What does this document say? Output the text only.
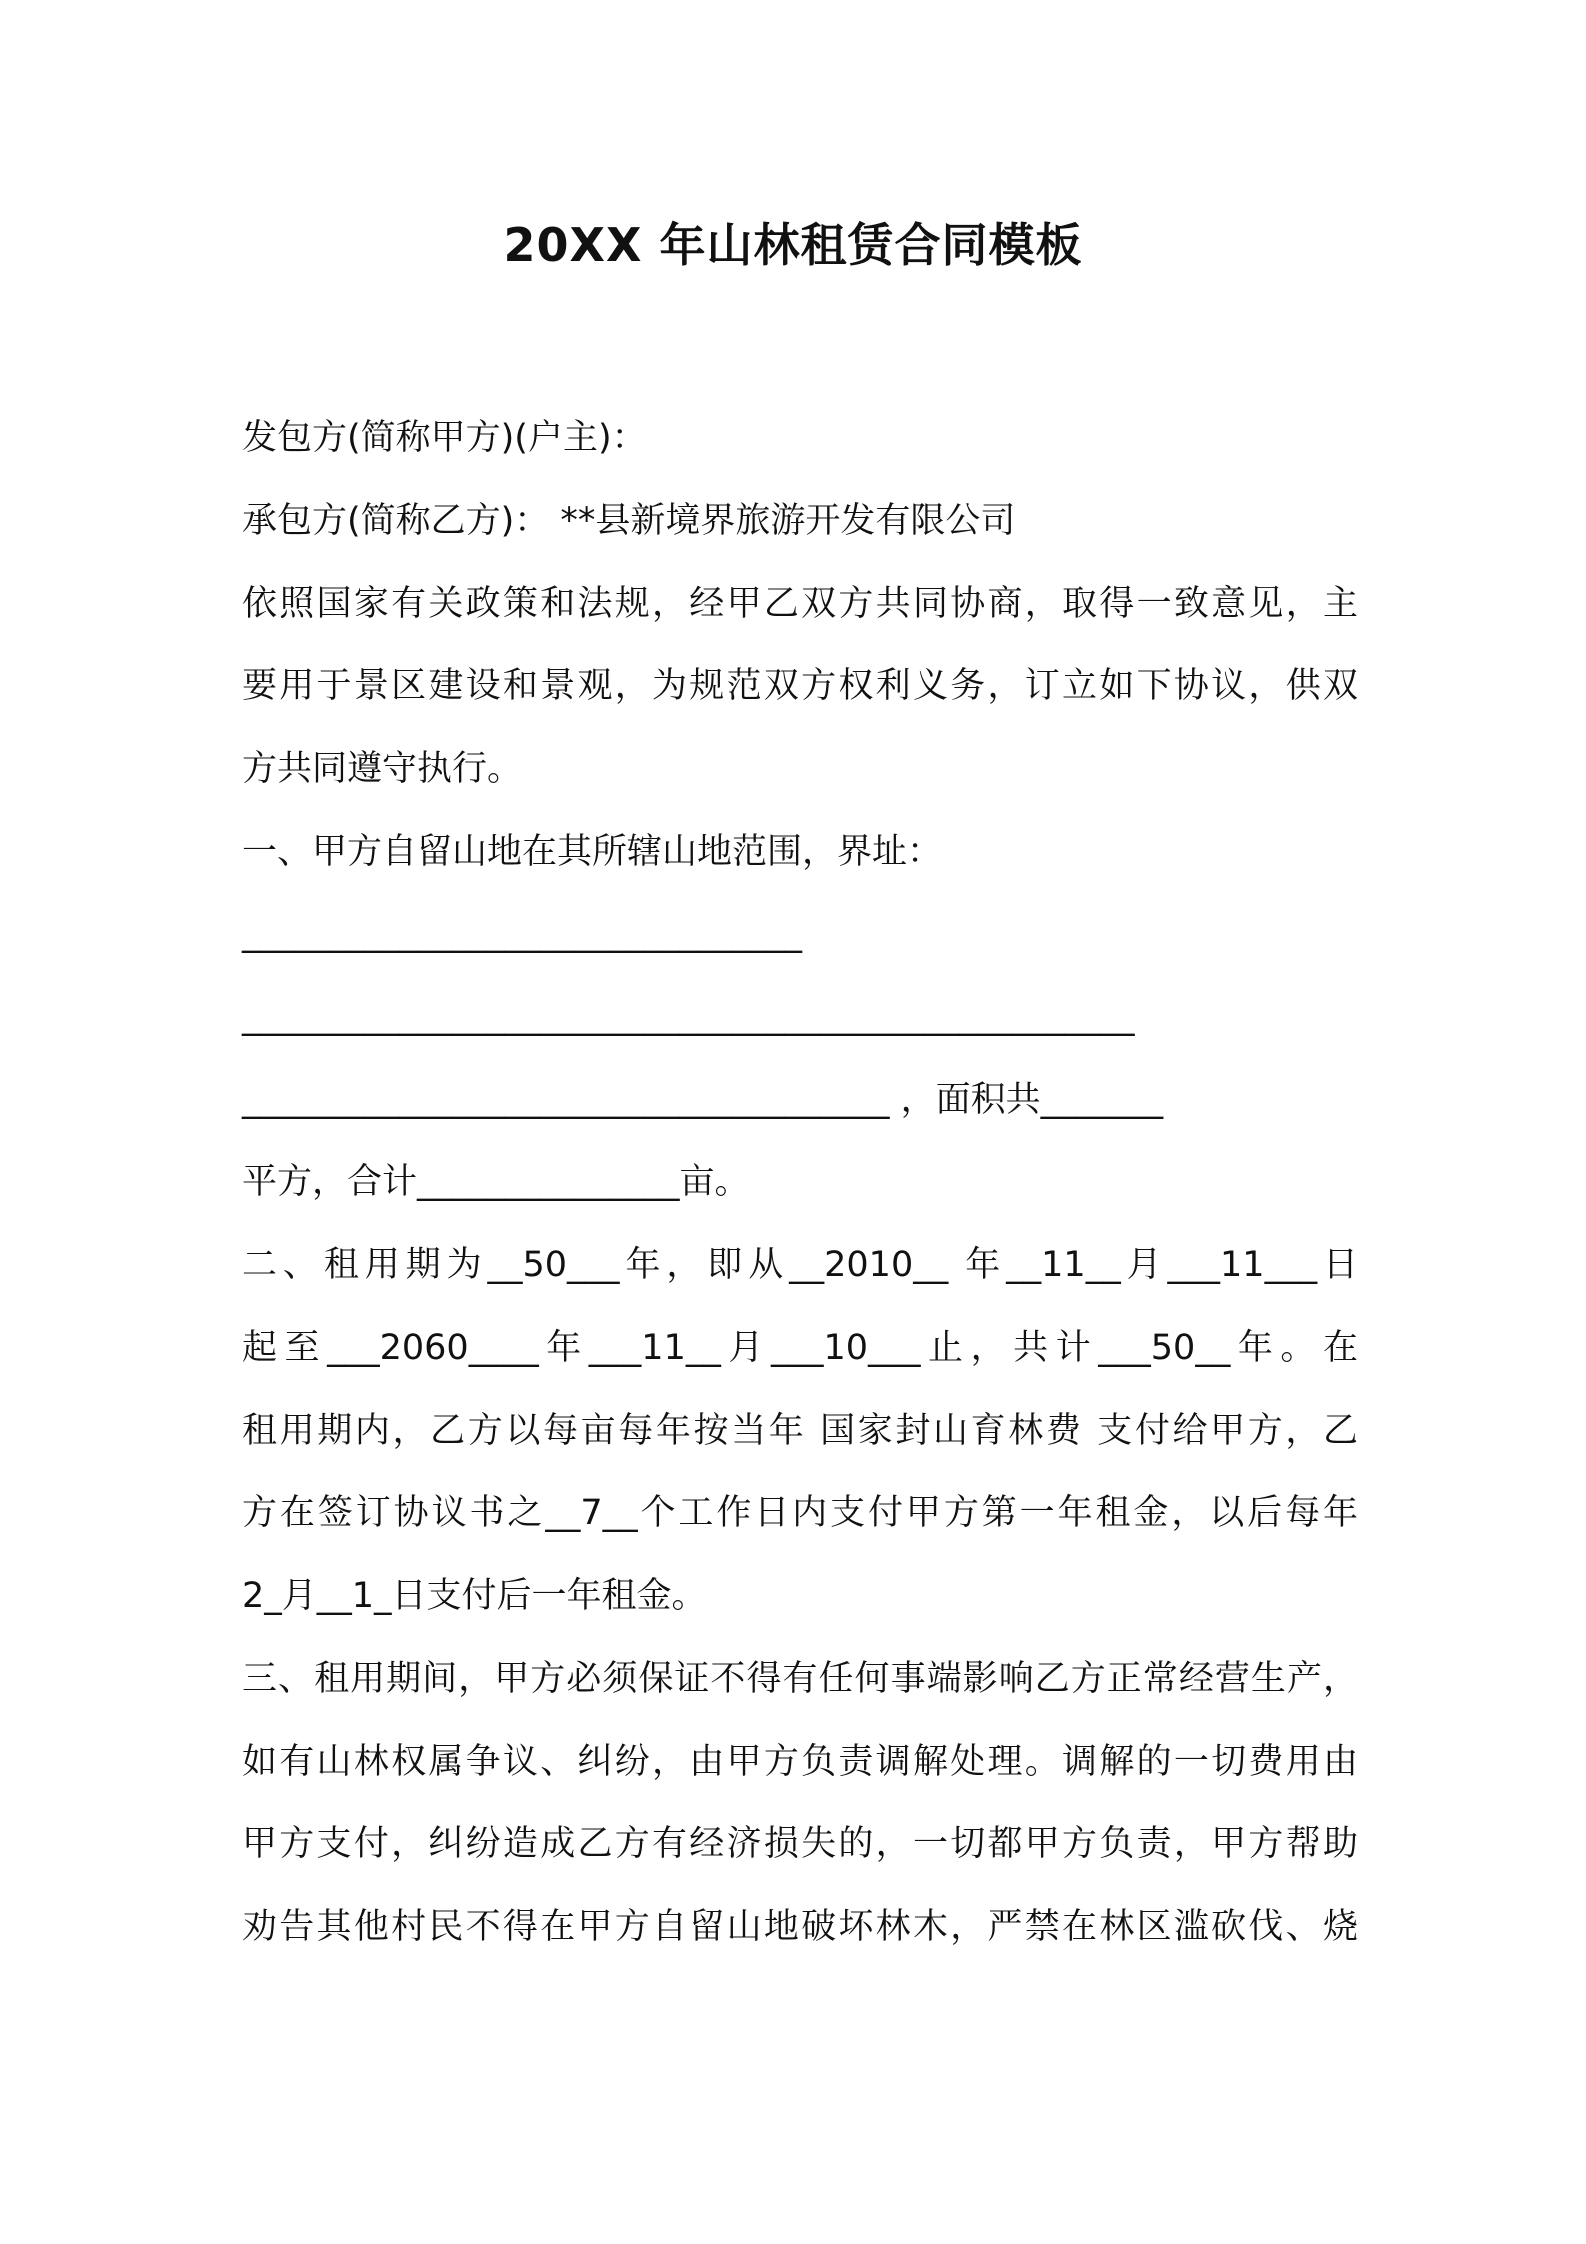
20XX 年山林租赁合同模板
发包方(简称甲方)(户主)：
承包方(简称乙方)： **县新境界旅游开发有限公司
依照国家有关政策和法规，经甲乙双方共同协商，取得一致意见，主
要用于景区建设和景观，为规范双方权利义务，订立如下协议，供双
方共同遵守执行。
一、甲方自留山地在其所辖山地范围，界址：
________________________________
___________________________________________________
_____________________________________ ，面积共_______
平方，合计_______________亩。
二、租用期为__50___年，即从__2010__ 年__11__月___11___日
起至___2060____年___11__月___10___止，共计___50__年。在
租用期内，乙方以每亩每年按当年 国家封山育林费 支付给甲方，乙
方在签订协议书之__7__个工作日内支付甲方第一年租金，以后每年
2_月__1_日支付后一年租金。
三、租用期间，甲方必须保证不得有任何事端影响乙方正常经营生产，
如有山林权属争议、纠纷，由甲方负责调解处理。调解的一切费用由
甲方支付，纠纷造成乙方有经济损失的，一切都甲方负责，甲方帮助
劝告其他村民不得在甲方自留山地破坏林木，严禁在林区滥砍伐、烧
